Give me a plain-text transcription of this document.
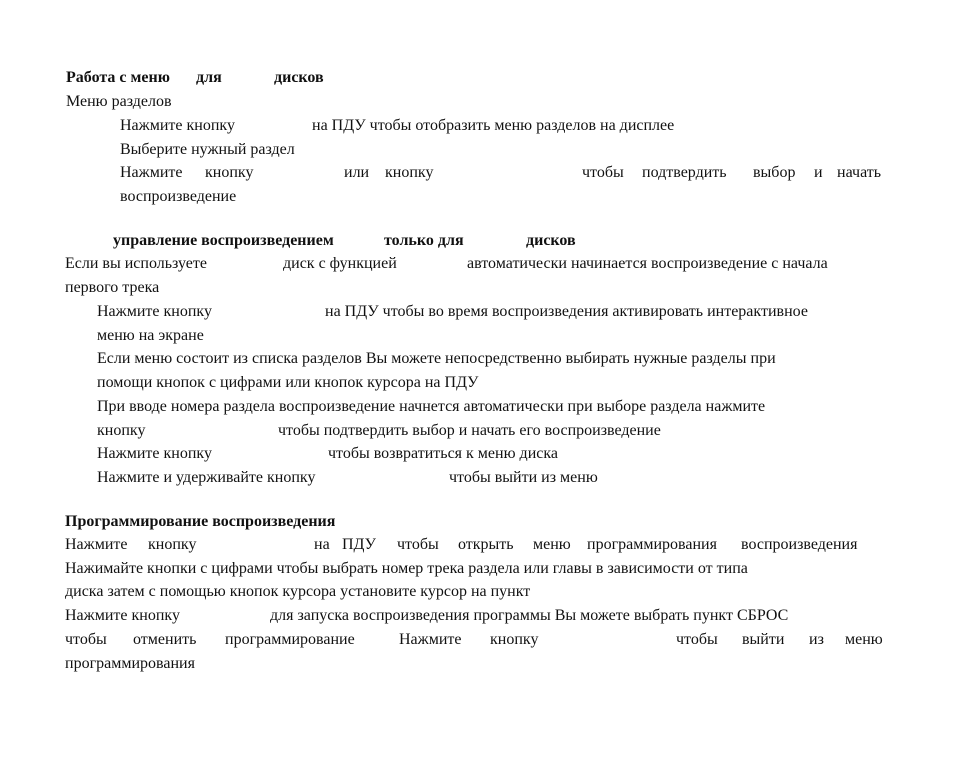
Работа с меню для	дисков
Меню разделов
Нажмите кнопку	на ПДУ чтобы отобразить меню разделов на дисплее
Выберите нужный раздел
Нажмите кнопку	или кнопку	чтобы подтвердить выбор и начать
воспроизведение
управление воспроизведением	только для	дисков
Если вы используете	диск с функцией	автоматически начинается воспроизведение с начала
первого трека
Нажмите кнопку	на ПДУ чтобы во время воспроизведения активировать интерактивное
меню на экране
Если меню состоит из списка разделов Вы можете непосредственно выбирать нужные разделы при
помощи кнопок с цифрами или кнопок курсора на ПДУ
При вводе номера раздела воспроизведение начнется автоматически при выборе раздела нажмите
кнопку	чтобы подтвердить выбор и начать его воспроизведение
Нажмите кнопку	чтобы возвратиться к меню диска
Нажмите и удерживайте кнопку	чтобы выйти из меню
Программирование воспроизведения
Нажмите кнопку	на ПДУ чтобы открыть меню программирования воспроизведения
Нажимайте кнопки с цифрами чтобы выбрать номер трека раздела или главы в зависимости от типа
диска затем с помощью кнопок курсора установите курсор на пункт
Нажмите кнопку	для запуска воспроизведения программы Вы можете выбрать пункт СБРОС
чтобы отменить программирование	Нажмите кнопку	чтобы выйти из меню
программирования
